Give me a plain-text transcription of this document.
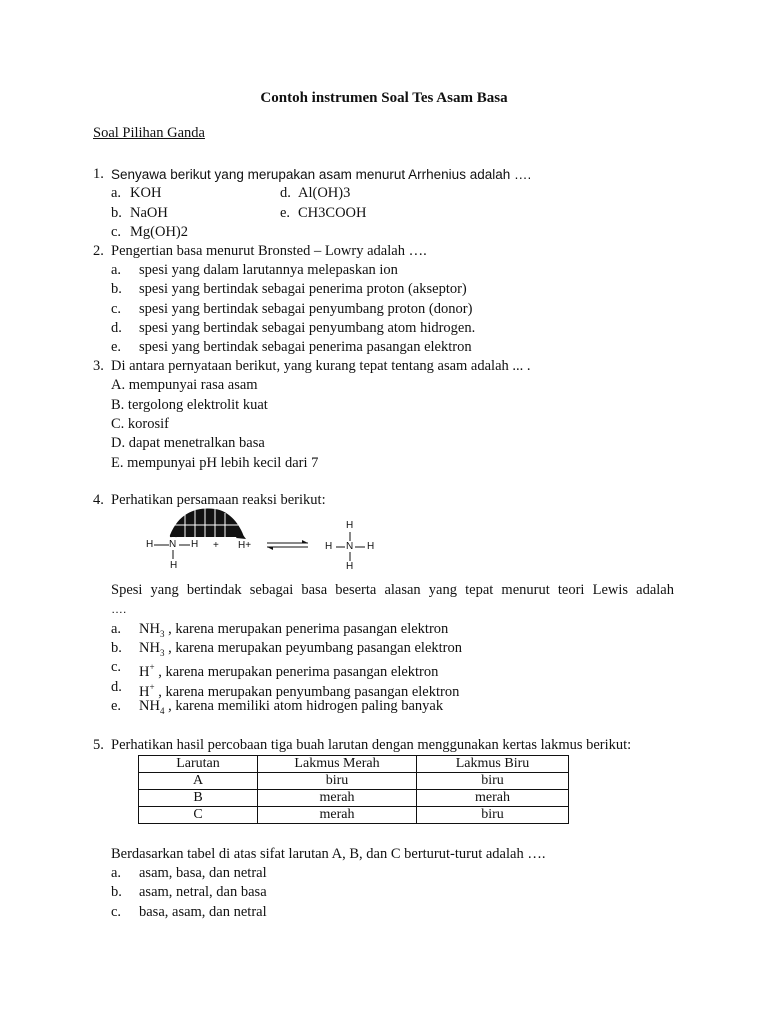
Contoh instrumen Soal Tes Asam Basa
Soal Pilihan Ganda
1. Senyawa berikut yang merupakan asam menurut Arrhenius adalah ….
a. KOH	d. Al(OH)3
b. NaOH	e. CH3COOH
c. Mg(OH)2
2. Pengertian basa menurut Bronsted – Lowry adalah ….
a. spesi yang dalam larutannya melepaskan ion
b. spesi yang bertindak sebagai penerima proton (akseptor)
c. spesi yang bertindak sebagai penyumbang proton (donor)
d. spesi yang bertindak sebagai penyumbang atom hidrogen.
e. spesi yang bertindak sebagai penerima pasangan elektron
3. Di antara pernyataan berikut, yang kurang tepat tentang asam adalah ... .
A. mempunyai rasa asam
B. tergolong elektrolit kuat
C. korosif
D. dapat menetralkan basa
E. mempunyai pH lebih kecil dari 7
4. Perhatikan persamaan reaksi berikut:
H N H
H
+ H+
H
H N H
H
Spesi yang bertindak sebagai basa beserta alasan yang tepat menurut teori Lewis adalah
….
a. $NH_3$ , karena merupakan penerima pasangan elektron
b. $NH_3$ , karena merupakan peyumbang pasangan elektron
c. H+ , karena merupakan penerima pasangan elektron
d. H+ , karena merupakan penyumbang pasangan elektron
e. $NH_4$ , karena memiliki atom hidrogen paling banyak
5. Perhatikan hasil percobaan tiga buah larutan dengan menggunakan kertas lakmus berikut:
Larutan	Lakmus Merah	Lakmus Biru
A	biru	biru
B	merah	merah
C	merah	biru
Berdasarkan tabel di atas sifat larutan A, B, dan C berturut-turut adalah ….
a. asam, basa, dan netral
b. asam, netral, dan basa
c. basa, asam, dan netral
